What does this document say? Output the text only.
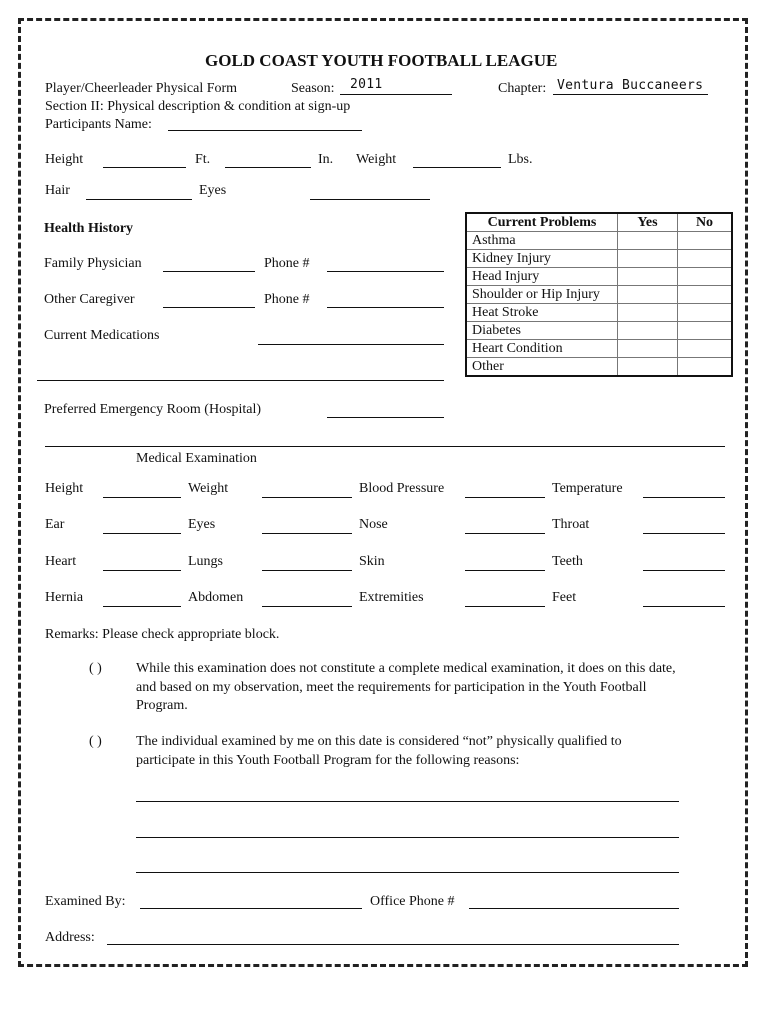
GOLD COAST YOUTH FOOTBALL LEAGUE
Player/Cheerleader Physical Form	Season: 2011	Chapter: Ventura Buccaneers
Section II: Physical description & condition at sign-up
Participants Name:
Height	Ft.	In. Weight	Lbs.
Hair	Eyes
Health History
Family Physician	Phone #
Other Caregiver	Phone #
Current Medications
Preferred Emergency Room (Hospital)
Current Problems	Yes	No
Asthma		
Kidney Injury		
Head Injury		
Shoulder or Hip Injury		
Heat Stroke		
Diabetes		
Heart Condition		
Other		
Medical Examination
Height	Weight	Blood Pressure	Temperature
Ear	Eyes	Nose	Throat
Heart	Lungs	Skin	Teeth
Hernia	Abdomen	Extremities	Feet
Remarks: Please check appropriate block.
( ) While this examination does not constitute a complete medical examination, it does on this date,
and based on my observation, meet the requirements for participation in the Youth Football
Program.
( ) The individual examined by me on this date is considered “not” physically qualified to
participate in this Youth Football Program for the following reasons:
Examined By:	Office Phone #
Address:
